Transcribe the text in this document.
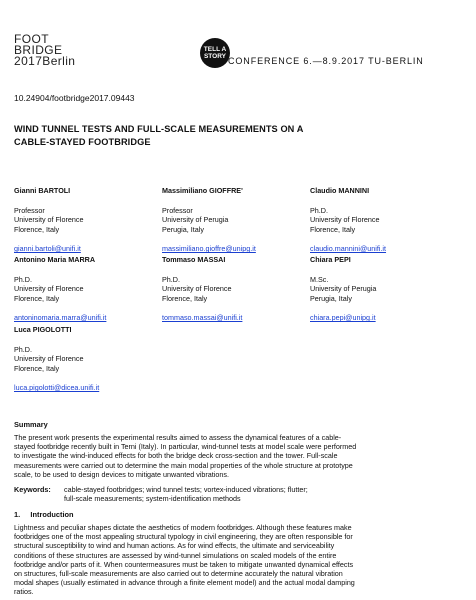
FOOT
BRIDGE
2017Berlin
TELL A
STORY CONFERENCE 6.—8.9.2017 TU-BERLIN
10.24904/footbridge2017.09443
WIND TUNNEL TESTS AND FULL-SCALE MEASUREMENTS ON A
CABLE-STAYED FOOTBRIDGE
Gianni BARTOLI
Professor
University of Florence
Florence, Italy
gianni.bartoli@unifi.it
Massimiliano GIOFFRE'
Professor
University of Perugia
Perugia, Italy
massimiliano.gioffre@unipg.it
Claudio MANNINI
Ph.D.
University of Florence
Florence, Italy
claudio.mannini@unifi.it
Antonino Maria MARRA
Ph.D.
University of Florence
Florence, Italy
antoninomaria.marra@unifi.it
Tommaso MASSAI
Ph.D.
University of Florence
Florence, Italy
tommaso.massai@unifi.it
Chiara PEPI
M.Sc.
University of Perugia
Perugia, Italy
chiara.pepi@unipg.it
Luca PIGOLOTTI
Ph.D.
University of Florence
Florence, Italy
luca.pigolotti@dicea.unifi.it
Summary
The present work presents the experimental results aimed to assess the dynamical features of a cable-
stayed footbridge recently built in Terni (Italy). In particular, wind-tunnel tests at model scale were performed
to investigate the wind-induced effects for both the bridge deck cross-section and the tower. Full-scale
measurements were carried out to determine the main modal properties of the whole structure at prototype
scale, to be used to design devices to mitigate unwanted vibrations.
Keywords: cable-stayed footbridges; wind tunnel tests; vortex-induced vibrations; flutter;
full-scale measurements; system-identification methods
1.     Introduction
Lightness and peculiar shapes dictate the aesthetics of modern footbridges. Although these features make
footbridges one of the most appealing structural typology in civil engineering, they are often responsible for
structural susceptibility to wind and human actions. As for wind effects, the ultimate and serviceability
conditions of these structures are assessed by wind-tunnel simulations on scaled models of the entire
footbridge and/or parts of it. When countermeasures must be taken to mitigate unwanted dynamical effects
on structures, full-scale measurements are also carried out to determine accurately the natural vibration
modal shapes (usually estimated in advance through a finite element model) and the actual modal damping
ratios.
